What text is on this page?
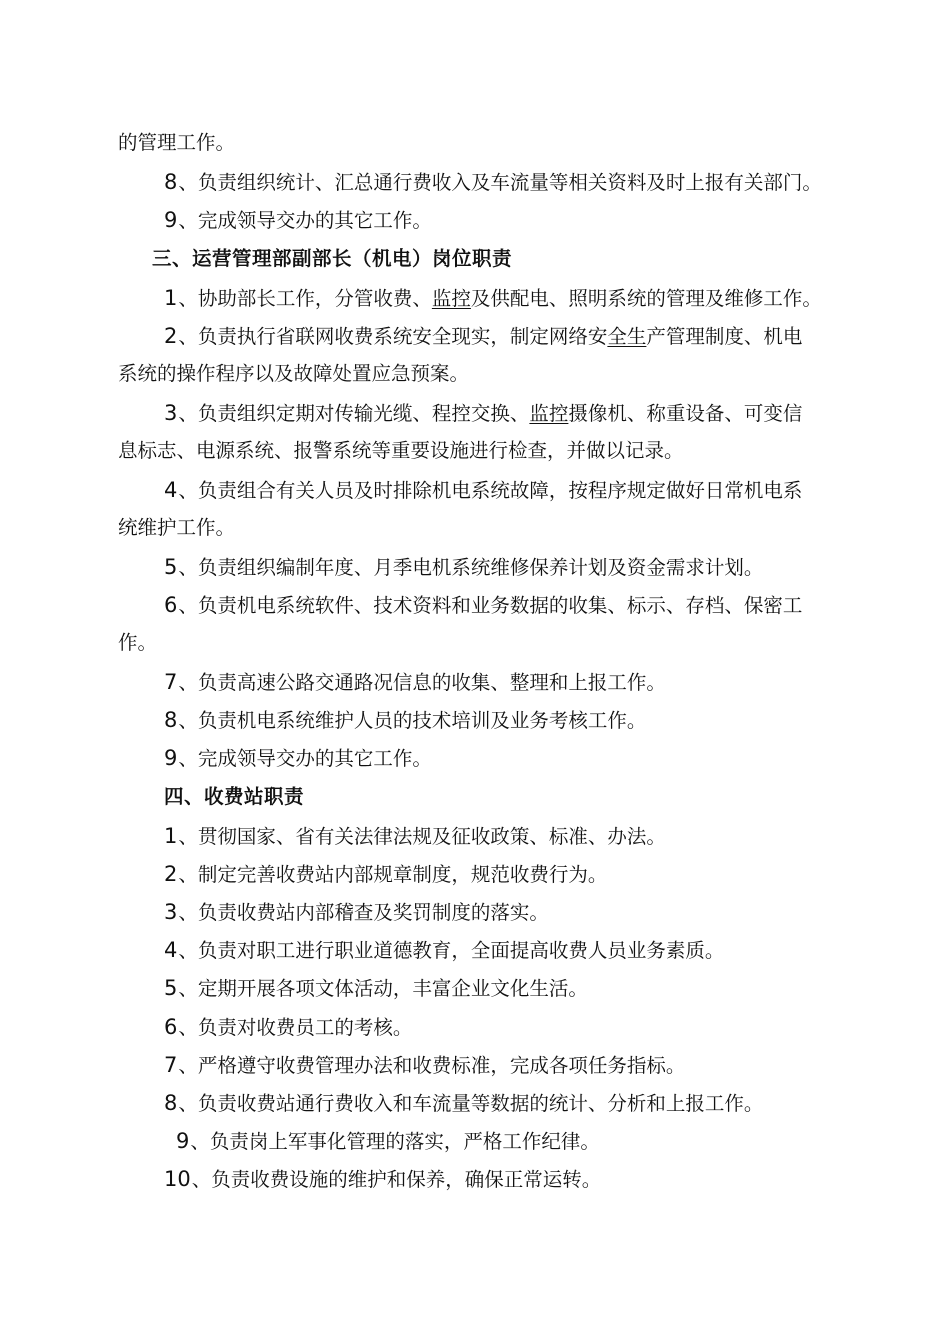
的管理工作。
8、负责组织统计、汇总通行费收入及车流量等相关资料及时上报有关部门。
9、完成领导交办的其它工作。
三、运营管理部副部长（机电）岗位职责
1、协助部长工作，分管收费、监控及供配电、照明系统的管理及维修工作。
2、负责执行省联网收费系统安全现实，制定网络安全生产管理制度、机电
系统的操作程序以及故障处置应急预案。
3、负责组织定期对传输光缆、程控交换、监控摄像机、称重设备、可变信
息标志、电源系统、报警系统等重要设施进行检查，并做以记录。
4、负责组合有关人员及时排除机电系统故障，按程序规定做好日常机电系
统维护工作。
5、负责组织编制年度、月季电机系统维修保养计划及资金需求计划。
6、负责机电系统软件、技术资料和业务数据的收集、标示、存档、保密工
作。
7、负责高速公路交通路况信息的收集、整理和上报工作。
8、负责机电系统维护人员的技术培训及业务考核工作。
9、完成领导交办的其它工作。
四、收费站职责
1、贯彻国家、省有关法律法规及征收政策、标准、办法。
2、制定完善收费站内部规章制度，规范收费行为。
3、负责收费站内部稽查及奖罚制度的落实。
4、负责对职工进行职业道德教育，全面提高收费人员业务素质。
5、定期开展各项文体活动，丰富企业文化生活。
6、负责对收费员工的考核。
7、严格遵守收费管理办法和收费标准，完成各项任务指标。
8、负责收费站通行费收入和车流量等数据的统计、分析和上报工作。
9、负责岗上军事化管理的落实，严格工作纪律。
10、负责收费设施的维护和保养，确保正常运转。
